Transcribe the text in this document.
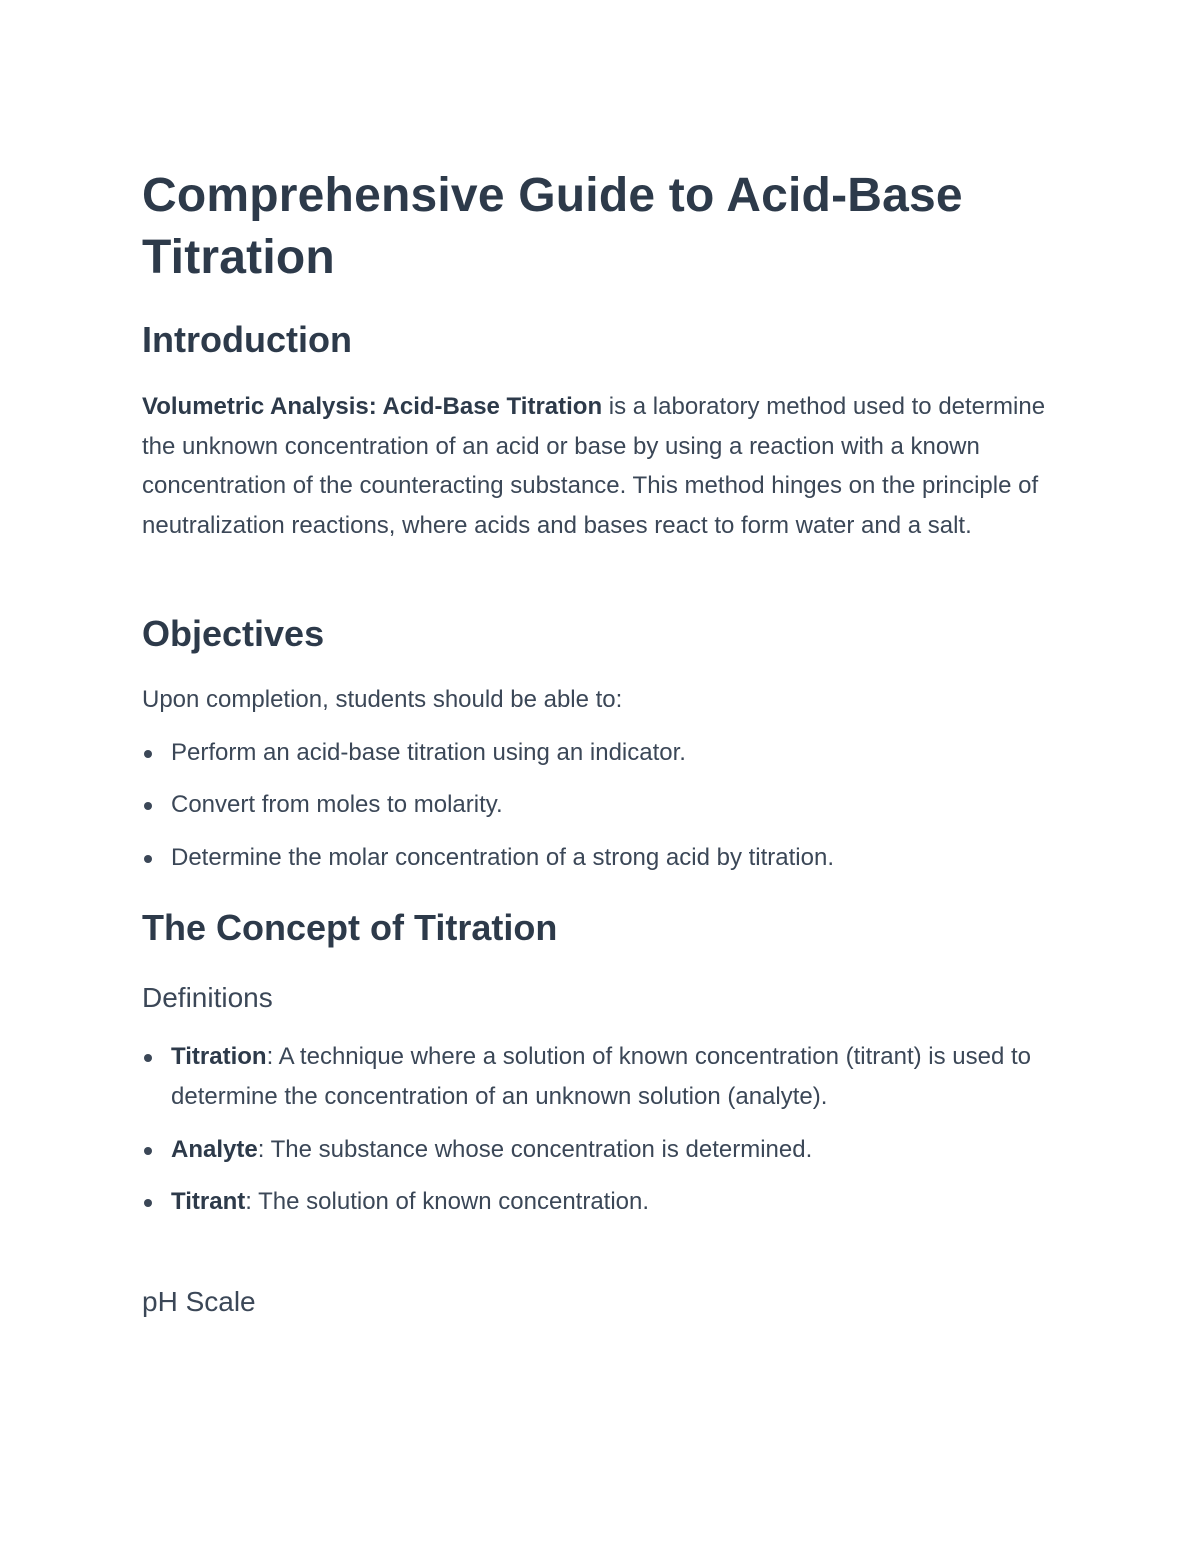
Comprehensive Guide to Acid-Base Titration
Introduction

Volumetric Analysis: Acid-Base Titration is a laboratory method used to determine the unknown concentration of an acid or base by using a reaction with a known concentration of the counteracting substance. This method hinges on the principle of neutralization reactions, where acids and bases react to form water and a salt.

Objectives

Upon completion, students should be able to:

Perform an acid-base titration using an indicator.
Convert from moles to molarity.
Determine the molar concentration of a strong acid by titration.
The Concept of Titration
Definitions
Titration: A technique where a solution of known concentration (titrant) is used to determine the concentration of an unknown solution (analyte).
Analyte: The substance whose concentration is determined.
Titrant: The solution of known concentration.
pH Scale
